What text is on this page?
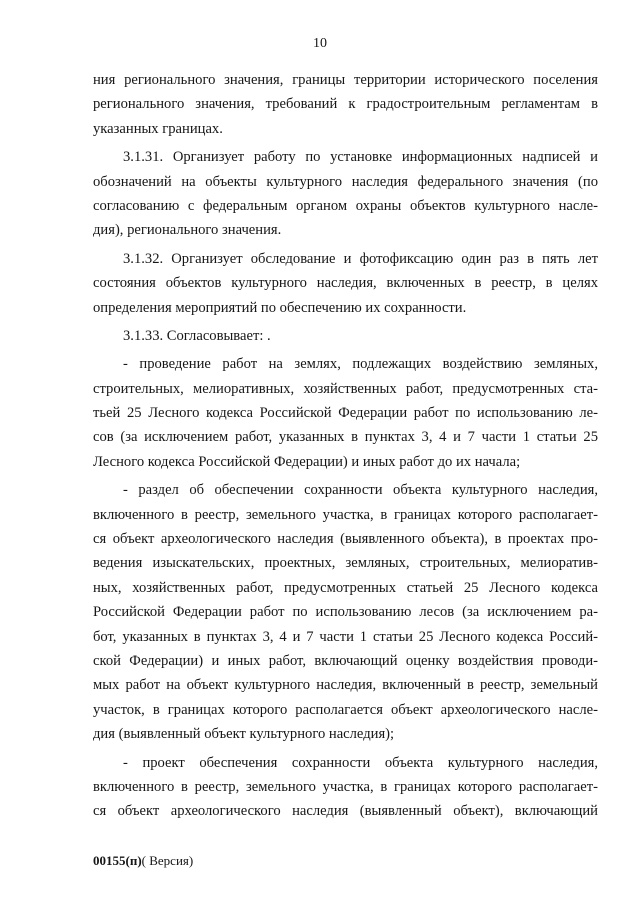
10
ния регионального значения, границы территории исторического поселения
регионального значения, требований к градостроительным регламентам в
указанных границах.
3.1.31. Организует работу по установке информационных надписей и
обозначений на объекты культурного наследия федерального значения (по
согласованию с федеральным органом охраны объектов культурного насле-
дия), регионального значения.
3.1.32. Организует обследование и фотофиксацию один раз в пять лет
состояния объектов культурного наследия, включенных в реестр, в целях
определения мероприятий по обеспечению их сохранности.
3.1.33. Согласовывает: .
- проведение работ на землях, подлежащих воздействию земляных,
строительных, мелиоративных, хозяйственных работ, предусмотренных ста-
тьей 25 Лесного кодекса Российской Федерации работ по использованию ле-
сов (за исключением работ, указанных в пунктах 3, 4 и 7 части 1 статьи 25
Лесного кодекса Российской Федерации) и иных работ до их начала;
- раздел об обеспечении сохранности объекта культурного наследия,
включенного в реестр, земельного участка, в границах которого располагает-
ся объект археологического наследия (выявленного объекта), в проектах про-
ведения изыскательских, проектных, земляных, строительных, мелиоратив-
ных, хозяйственных работ, предусмотренных статьей 25 Лесного кодекса
Российской Федерации работ по использованию лесов (за исключением ра-
бот, указанных в пунктах 3, 4 и 7 части 1 статьи 25 Лесного кодекса Россий-
ской Федерации) и иных работ, включающий оценку воздействия проводи-
мых работ на объект культурного наследия, включенный в реестр, земельный
участок, в границах которого располагается объект археологического насле-
дия (выявленный объект культурного наследия);
- проект обеспечения сохранности объекта культурного наследия,
включенного в реестр, земельного участка, в границах которого располагает-
ся объект археологического наследия (выявленный объект), включающий
00155(п)( Версия)
